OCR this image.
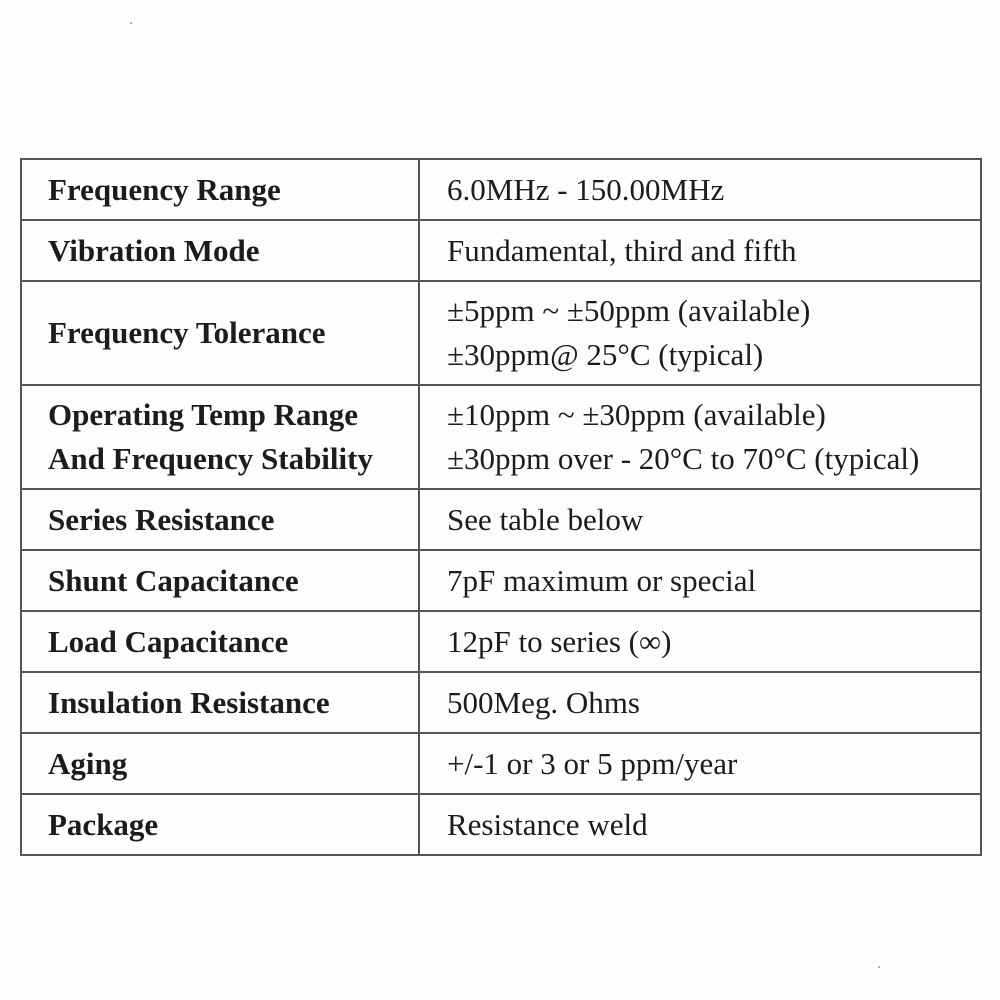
Frequency Range	6.0MHz - 150.00MHz

Vibration Mode	Fundamental, third and fifth

Frequency Tolerance	±5ppm ~ ±50ppm (available)
±30ppm@ 25°C (typical)

Operating Temp Range
And Frequency Stability	±10ppm ~ ±30ppm (available)
±30ppm over - 20°C to 70°C (typical)

Series Resistance	See table below

Shunt Capacitance	7pF maximum or special

Load Capacitance	12pF to series (∞)

Insulation Resistance	500Meg. Ohms

Aging	+/-1 or 3 or 5 ppm/year

Package	Resistance weld
